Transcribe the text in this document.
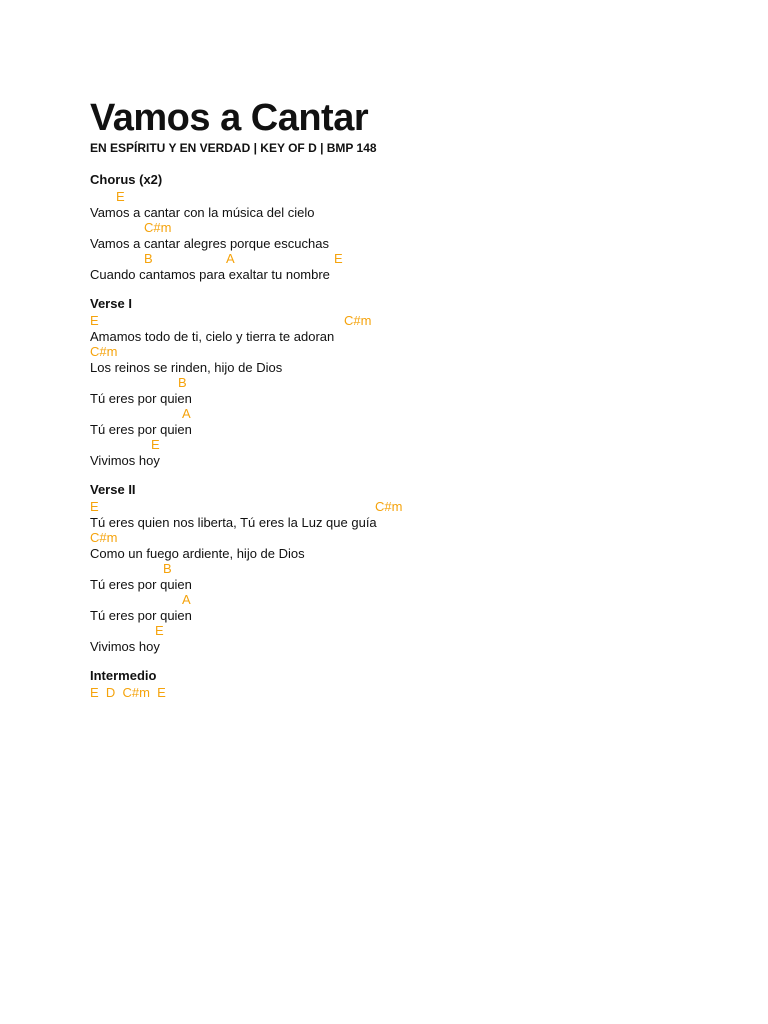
Vamos a Cantar
EN ESPÍRITU Y EN VERDAD | KEY OF D | BMP 148
Chorus (x2)
E
Vamos a cantar con la música del cielo
C#m
Vamos a cantar alegres porque escuchas
B	A	E
Cuando cantamos para exaltar tu nombre
Verse I
E	C#m
Amamos todo de ti, cielo y tierra te adoran
C#m
Los reinos se rinden, hijo de Dios
B
Tú eres por quien
A
Tú eres por quien
E
Vivimos hoy
Verse II
E	C#m
Tú eres quien nos liberta, Tú eres la Luz que guía
C#m
Como un fuego ardiente, hijo de Dios
B
Tú eres por quien
A
Tú eres por quien
E
Vivimos hoy
Intermedio
E  D  C#m  E
